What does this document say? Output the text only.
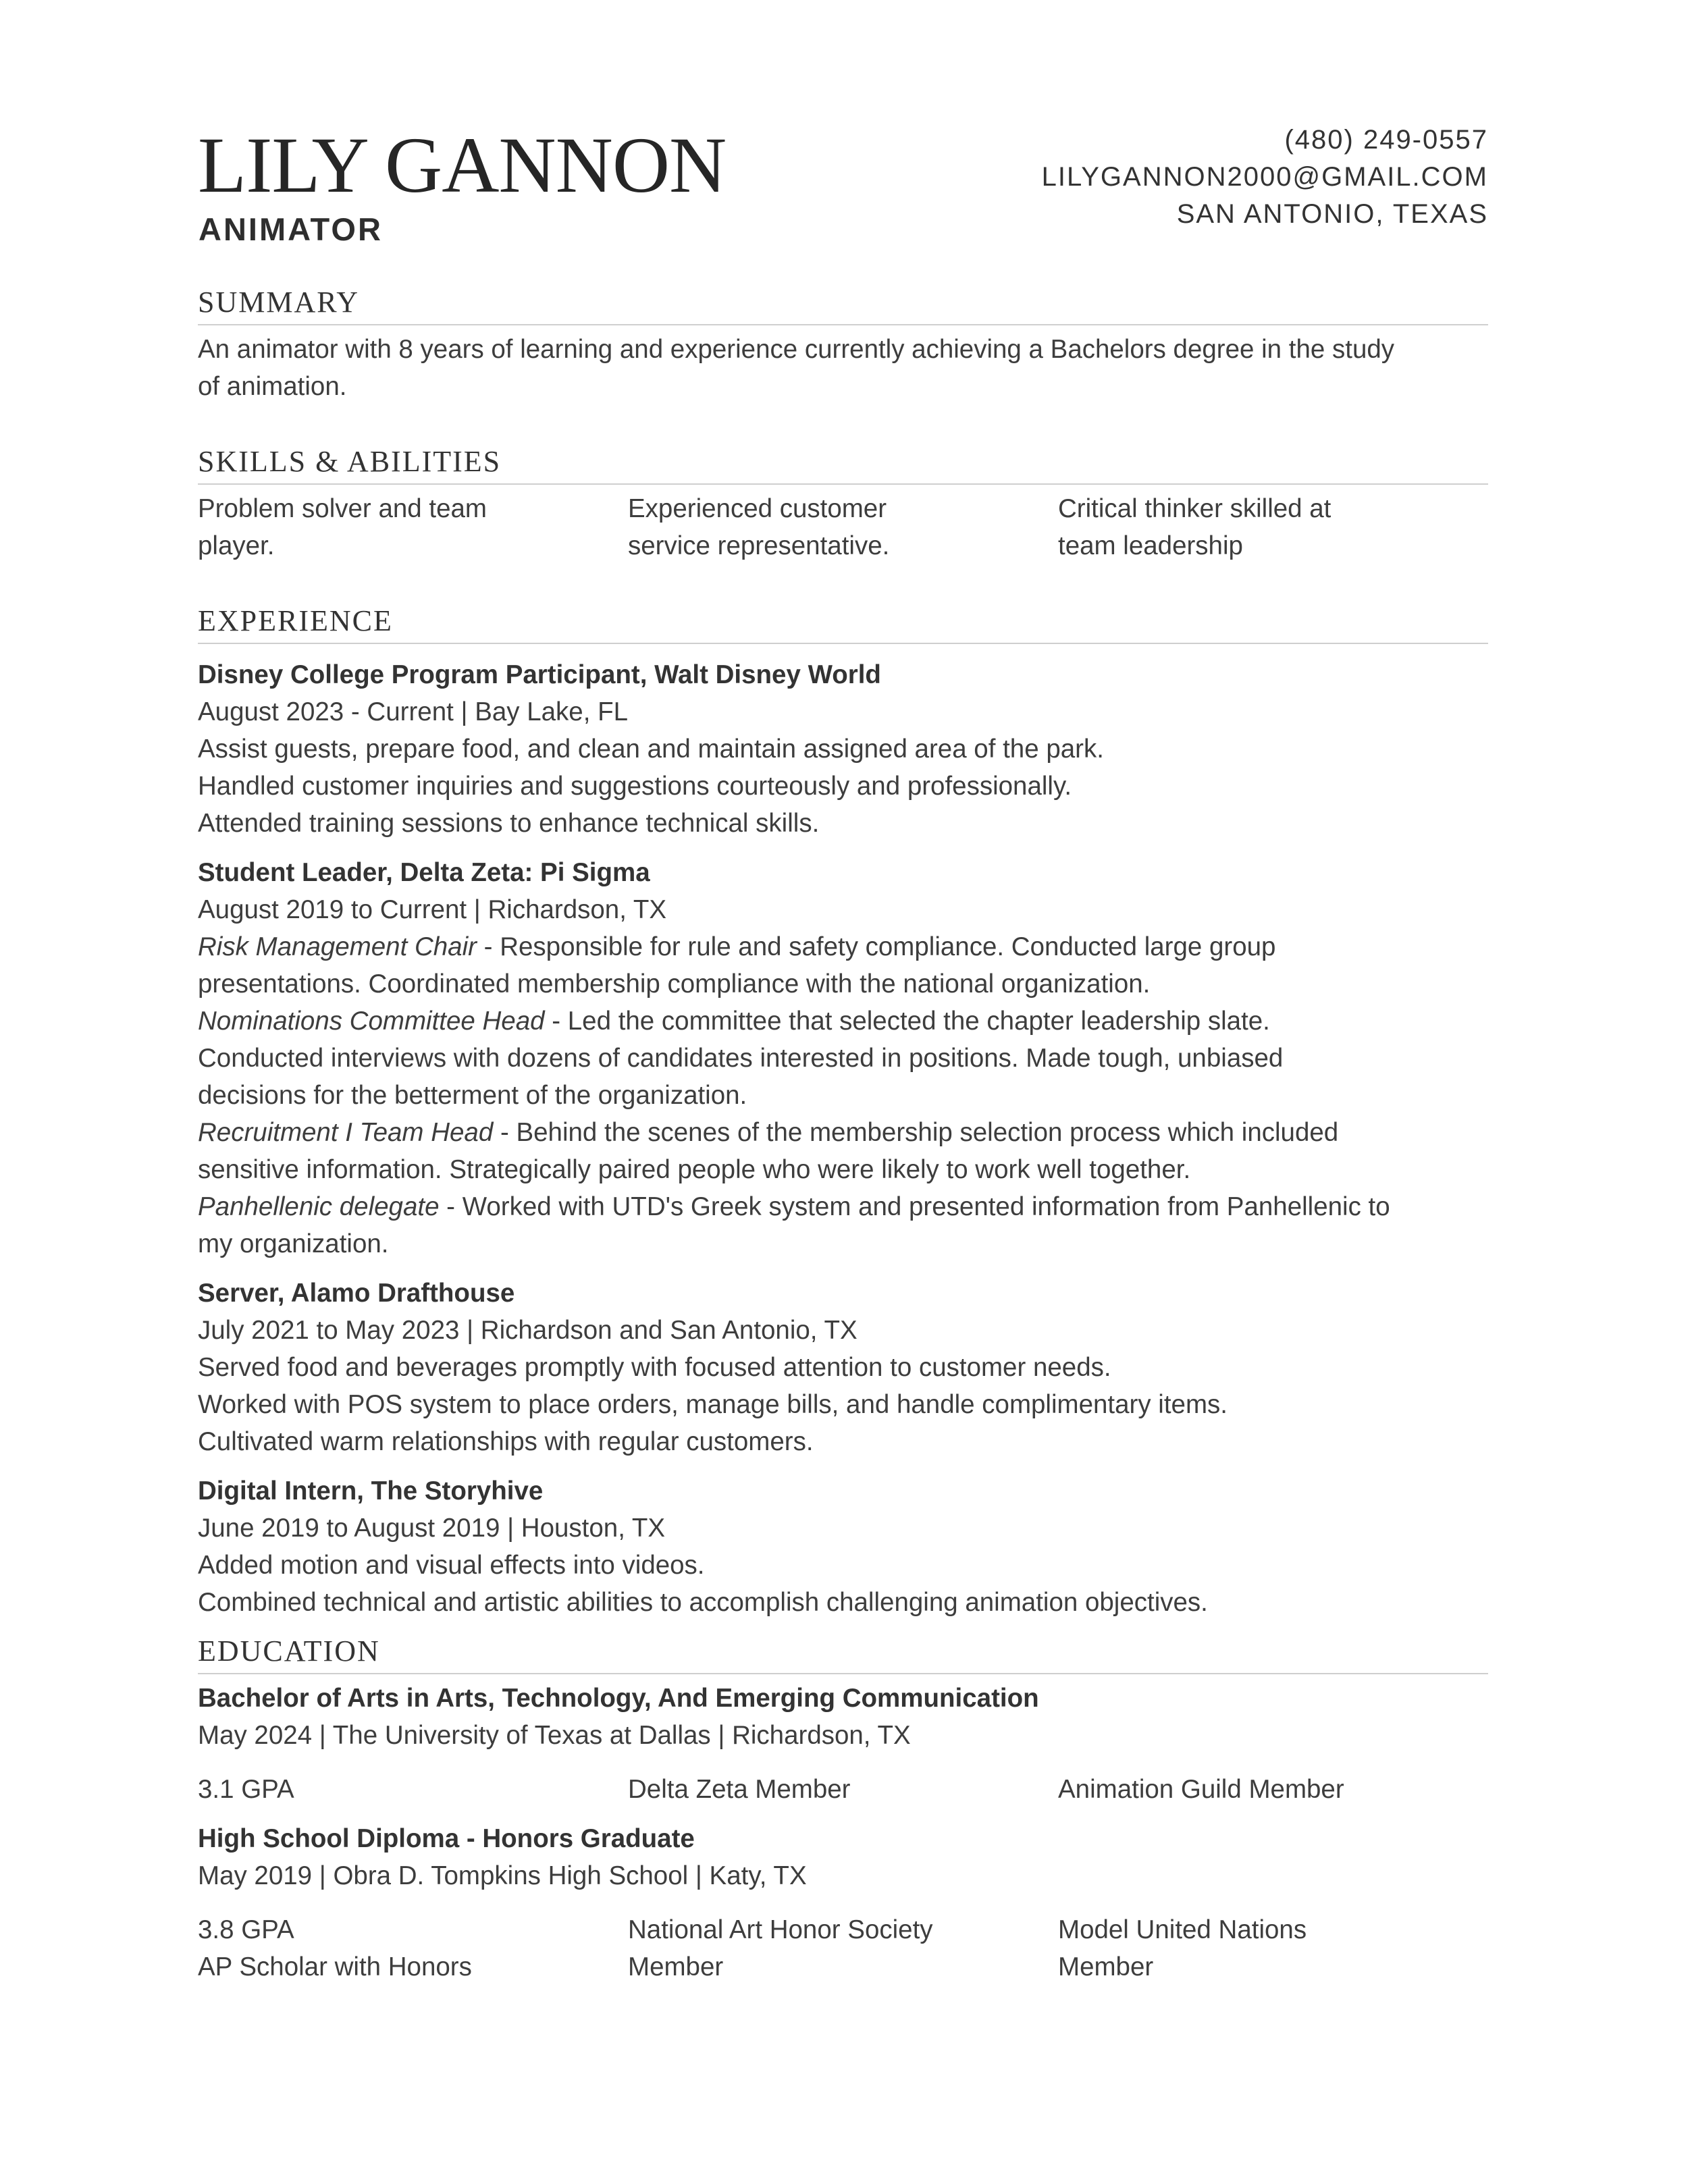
LILY GANNON
ANIMATOR
(480) 249-0557
LILYGANNON2000@GMAIL.COM
SAN ANTONIO, TEXAS
SUMMARY

An animator with 8 years of learning and experience currently achieving a Bachelors degree in the study

of animation.

SKILLS & ABILITIES
Problem solver and team
player.
Experienced customer
service representative.
Critical thinker skilled at
team leadership
EXPERIENCE

Disney College Program Participant, Walt Disney World

August 2023 - Current | Bay Lake, FL

Assist guests, prepare food, and clean and maintain assigned area of the park.

Handled customer inquiries and suggestions courteously and professionally.

Attended training sessions to enhance technical skills.

Student Leader, Delta Zeta: Pi Sigma

August 2019 to Current | Richardson, TX

Risk Management Chair - Responsible for rule and safety compliance. Conducted large group

presentations. Coordinated membership compliance with the national organization.

Nominations Committee Head - Led the committee that selected the chapter leadership slate.

Conducted interviews with dozens of candidates interested in positions. Made tough, unbiased

decisions for the betterment of the organization.

Recruitment I Team Head - Behind the scenes of the membership selection process which included

sensitive information. Strategically paired people who were likely to work well together.

Panhellenic delegate - Worked with UTD's Greek system and presented information from Panhellenic to

my organization.

Server, Alamo Drafthouse

July 2021 to May 2023 | Richardson and San Antonio, TX

Served food and beverages promptly with focused attention to customer needs.

Worked with POS system to place orders, manage bills, and handle complimentary items.

Cultivated warm relationships with regular customers.

Digital Intern, The Storyhive

June 2019 to August 2019 | Houston, TX

Added motion and visual effects into videos.

Combined technical and artistic abilities to accomplish challenging animation objectives.

EDUCATION

Bachelor of Arts in Arts, Technology, And Emerging Communication

May 2024 | The University of Texas at Dallas | Richardson, TX

3.1 GPA	Delta Zeta Member	Animation Guild Member

High School Diploma - Honors Graduate

May 2019 | Obra D. Tompkins High School | Katy, TX

3.8 GPA
AP Scholar with Honors
National Art Honor Society
Member
Model United Nations
Member
